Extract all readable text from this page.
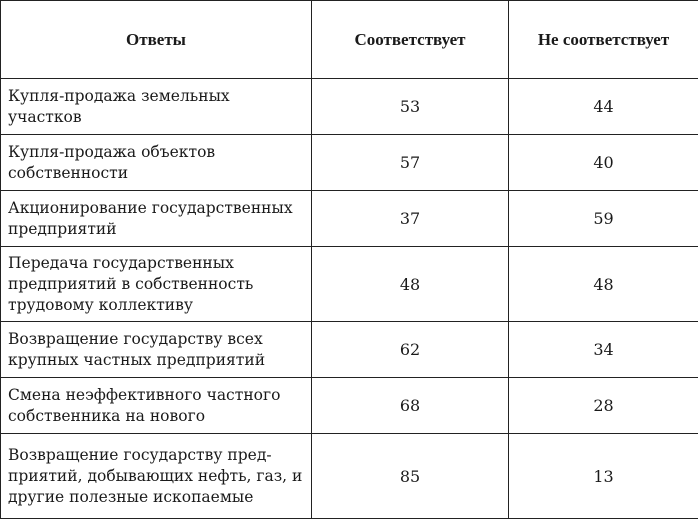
Ответы	Соответствует	Не соответствует
Купля-продажа земельных участков	53	44
Купля-продажа объектов собственности	57	40
Акционирование государственных предприятий	37	59
Передача государственных предприятий в собственность трудовому коллективу	48	48
Возвращение государству всех крупных частных предприятий	62	34
Смена неэффективного частного собственника на нового	68	28
Возвращение государству предприятий, добывающих нефть, газ, и другие полезные ископаемые	85	13
